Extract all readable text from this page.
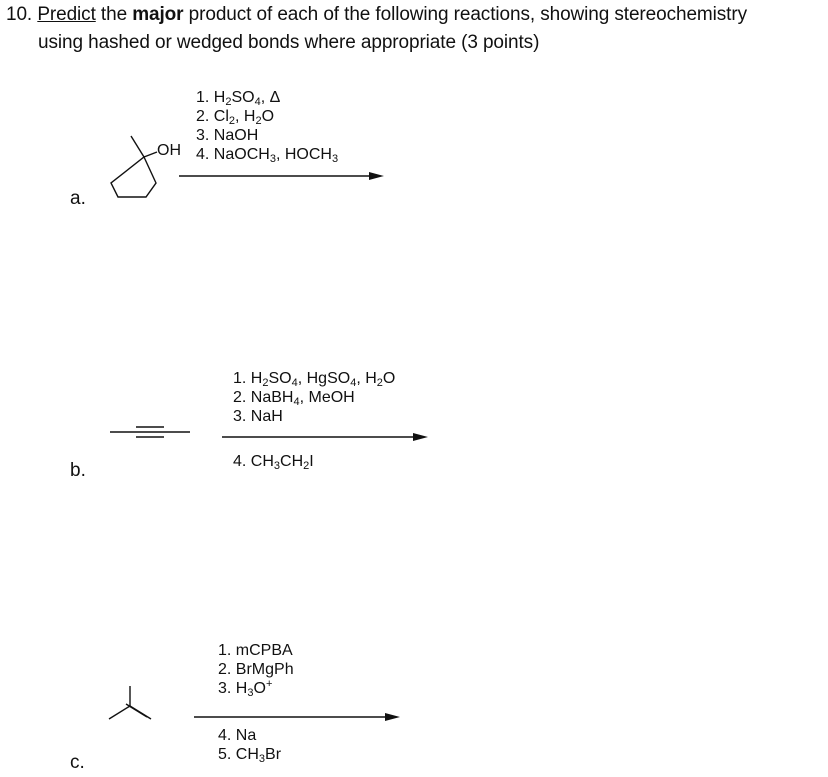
10. Predict the major product of each of the following reactions, showing stereochemistry
using hashed or wedged bonds where appropriate (3 points)
OH
1. $H_2SO_4$, Δ
2. $Cl_2$, $H_2O$
3. NaOH
4. NaOCH$_3$, $HOCH_3$
a.
1. $H_2SO_4$, HgSO$_4$, $H_2O$
2. NaBH$_4$, MeOH
3. NaH
4. $CH_3CH_2I$
b.
1. mCPBA
2. BrMgPh
3. $H_3O^+$
4. Na
5. $CH_3Br$
c.
